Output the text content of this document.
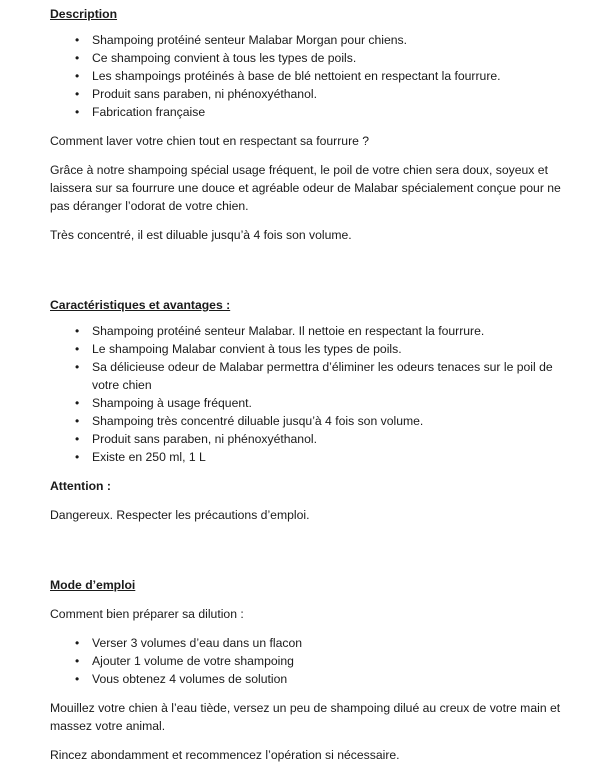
Description
• Shampoing protéiné senteur Malabar Morgan pour chiens.
• Ce shampoing convient à tous les types de poils.
• Les shampoings protéinés à base de blé nettoient en respectant la fourrure.
• Produit sans paraben, ni phénoxyéthanol.
• Fabrication française

Comment laver votre chien tout en respectant sa fourrure ?

Grâce à notre shampoing spécial usage fréquent, le poil de votre chien sera doux, soyeux et laissera sur sa fourrure une douce et agréable odeur de Malabar spécialement conçue pour ne pas déranger l’odorat de votre chien.

Très concentré, il est diluable jusqu’à 4 fois son volume.

Caractéristiques et avantages :
• Shampoing protéiné senteur Malabar. Il nettoie en respectant la fourrure.
• Le shampoing Malabar convient à tous les types de poils.
• Sa délicieuse odeur de Malabar permettra d’éliminer les odeurs tenaces sur le poil de votre chien
• Shampoing à usage fréquent.
• Shampoing très concentré diluable jusqu’à 4 fois son volume.
• Produit sans paraben, ni phénoxyéthanol.
• Existe en 250 ml, 1 L
Attention :

Dangereux. Respecter les précautions d’emploi.

Mode d’emploi

Comment bien préparer sa dilution :

• Verser 3 volumes d’eau dans un flacon
• Ajouter 1 volume de votre shampoing
• Vous obtenez 4 volumes de solution

Mouillez votre chien à l’eau tiède, versez un peu de shampoing dilué au creux de votre main et massez votre animal.

Rincez abondamment et recommencez l’opération si nécessaire.
